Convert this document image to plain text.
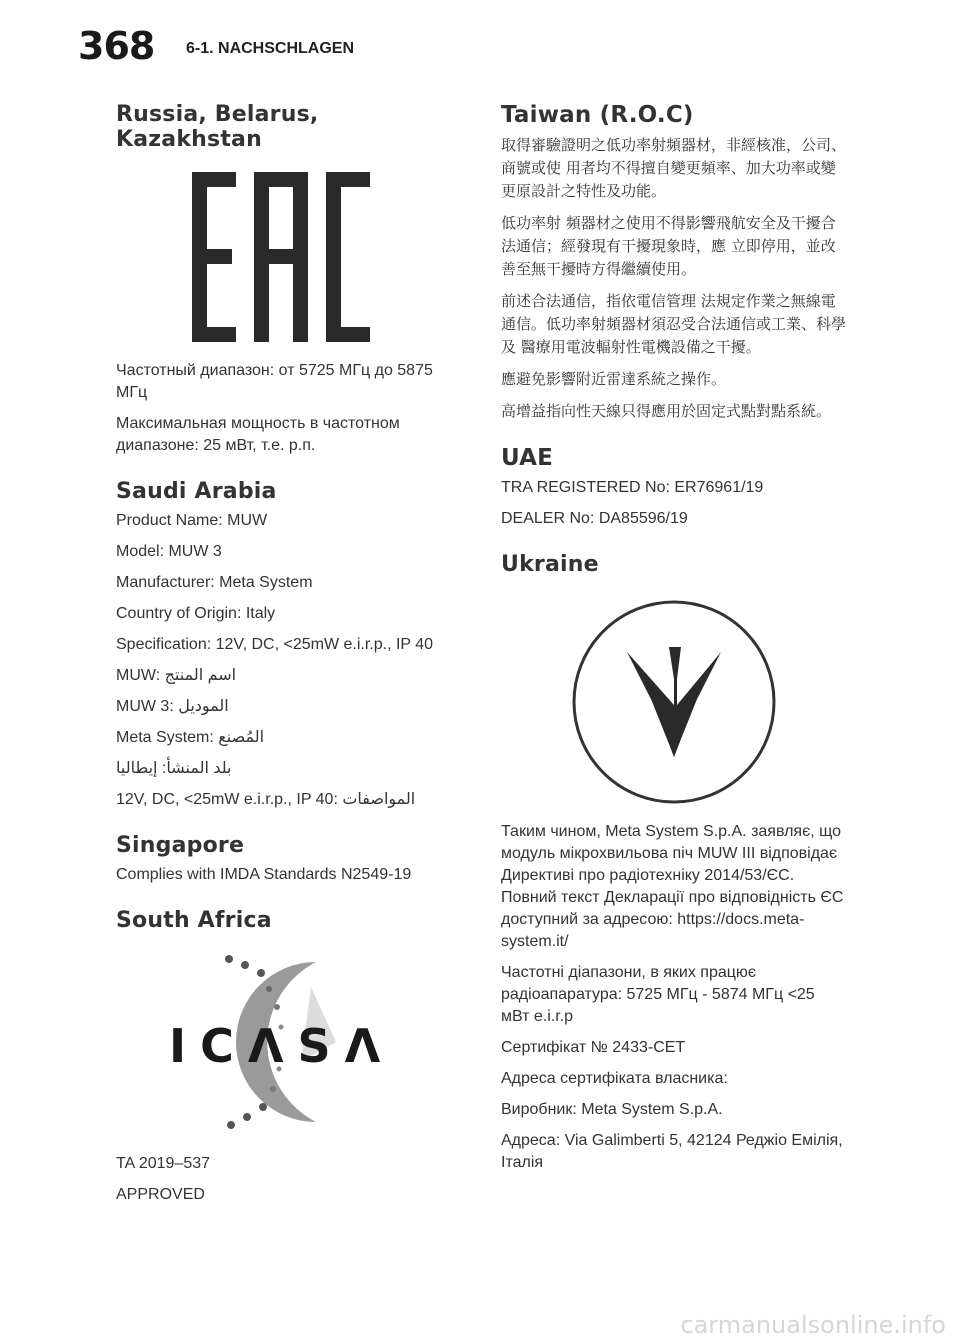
368 6-1. NACHSCHLAGEN
Russia, Belarus, Kazakhstan

Частотный диапазон: от 5725 МГц до 5875 МГц

Максимальная мощность в частотном диапазоне: 25 мВт, т.е. р.п.

Saudi Arabia

Product Name: MUW

Model: MUW 3

Manufacturer: Meta System

Country of Origin: Italy

Specification: 12V, DC, <25mW e.i.r.p., IP 40

MUW: اسم المنتج

MUW 3: الموديل

Meta System: المُصنع

بلد المنشأ: إيطاليا

12V, DC, <25mW e.i.r.p., IP 40: المواصفات

Singapore

Complies with IMDA Standards N2549-19

South Africa
ICΛSΛ

TA 2019–537

APPROVED

Taiwan (R.O.C)

取得審驗證明之低功率射頻器材，非經核准，公司、商號或使 用者均不得擅自變更頻率、加大功率或變更原設計之特性及功能。

低功率射 頻器材之使用不得影響飛航安全及干擾合法通信；經發現有干擾現象時，應 立即停用，並改善至無干擾時方得繼續使用。

前述合法通信，指依電信管理 法規定作業之無線電通信。低功率射頻器材須忍受合法通信或工業、科學及 醫療用電波輻射性電機設備之干擾。

應避免影響附近雷達系統之操作。

高增益指向性天線只得應用於固定式點對點系統。

UAE

TRA REGISTERED No: ER76961/19

DEALER No: DA85596/19

Ukraine

Таким чином, Meta System S.p.A. заявляє, що модуль мікрохвильова піч MUW III відповідає Директиві про радіотехніку 2014/53/ЄС. Повний текст Декларації про відповідність ЄС доступний за адресою: https://docs.meta-system.it/

Частотні діапазони, в яких працює радіоапаратура: 5725 МГц - 5874 МГц <25 мВт e.i.r.p

Сертифікат № 2433-CET

Адреса сертифіката власника:

Виробник: Meta System S.p.A.

Адреса: Via Galimberti 5, 42124 Реджіо Емілія, Італія

carmanualsonline.info
